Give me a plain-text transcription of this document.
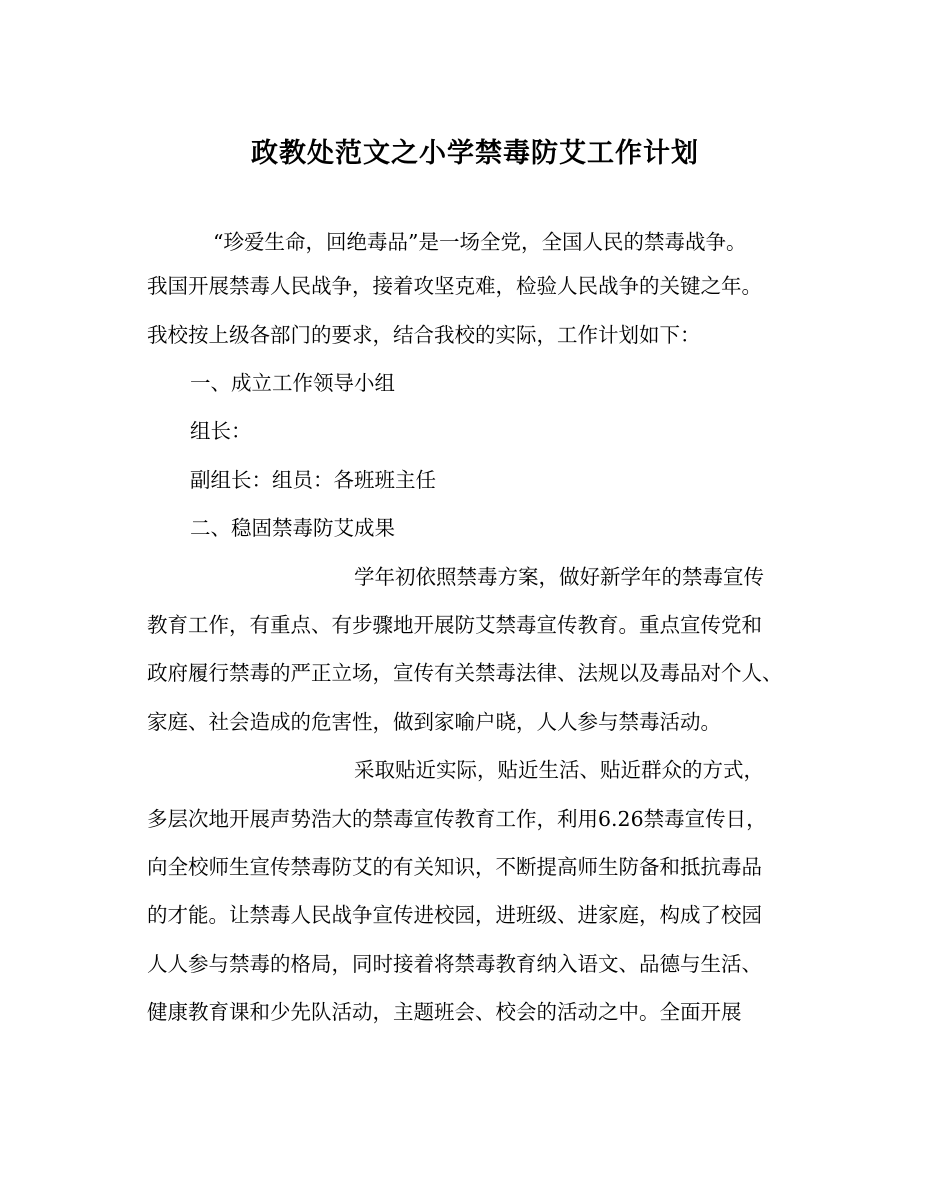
政教处范文之小学禁毒防艾工作计划
“珍爱生命，回绝毒品”是一场全党，全国人民的禁毒战争。
我国开展禁毒人民战争，接着攻坚克难，检验人民战争的关键之年。
我校按上级各部门的要求，结合我校的实际，工作计划如下：
一、成立工作领导小组
组长：
副组长：组员：各班班主任
二、稳固禁毒防艾成果
学年初依照禁毒方案，做好新学年的禁毒宣传
教育工作，有重点、有步骤地开展防艾禁毒宣传教育。重点宣传党和
政府履行禁毒的严正立场，宣传有关禁毒法律、法规以及毒品对个人、
家庭、社会造成的危害性，做到家喻户晓，人人参与禁毒活动。
采取贴近实际，贴近生活、贴近群众的方式，
多层次地开展声势浩大的禁毒宣传教育工作，利用6.26禁毒宣传日，
向全校师生宣传禁毒防艾的有关知识，不断提高师生防备和抵抗毒品
的才能。让禁毒人民战争宣传进校园，进班级、进家庭，构成了校园
人人参与禁毒的格局，同时接着将禁毒教育纳入语文、品德与生活、
健康教育课和少先队活动，主题班会、校会的活动之中。全面开展
